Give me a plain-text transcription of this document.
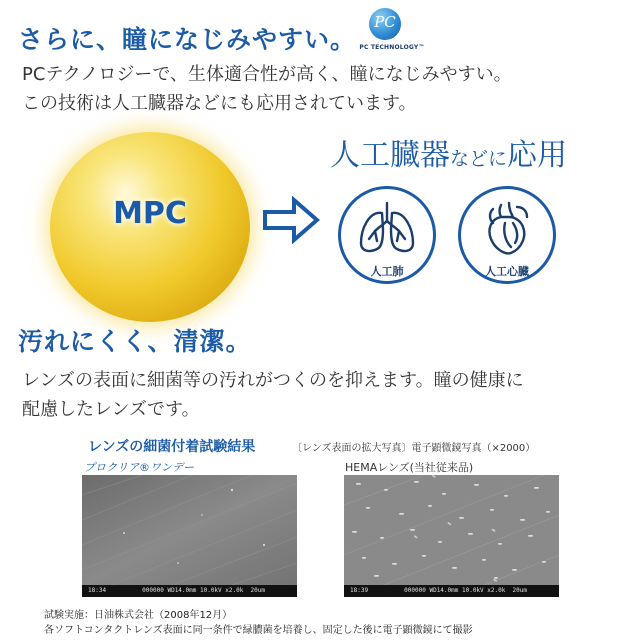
さらに、瞳になじみやすい。
PC
PC TECHNOLOGY™
PCテクノロジーで、生体適合性が高く、瞳になじみやすい。
この技術は人工臓器などにも応用されています。
MPC
人工臓器などに応用
人工肺	人工心臓
汚れにくく、清潔。
レンズの表面に細菌等の汚れがつくのを抑えます。瞳の健康に
配慮したレンズです。
レンズの細菌付着試験結果	〔レンズ表面の拡大写真〕電子顕微鏡写真（×2000）
プロクリア®ワンデー	HEMAレンズ(当社従来品)
18:34          000000 WD14.0mm 10.0kV x2.0k  20um	18:39          000000 WD14.0mm 10.0kV x2.0k  20um
試験実施：日油株式会社（2008年12月）
各ソフトコンタクトレンズ表面に同一条件で緑膿菌を培養し、固定した後に電子顕微鏡にて撮影
